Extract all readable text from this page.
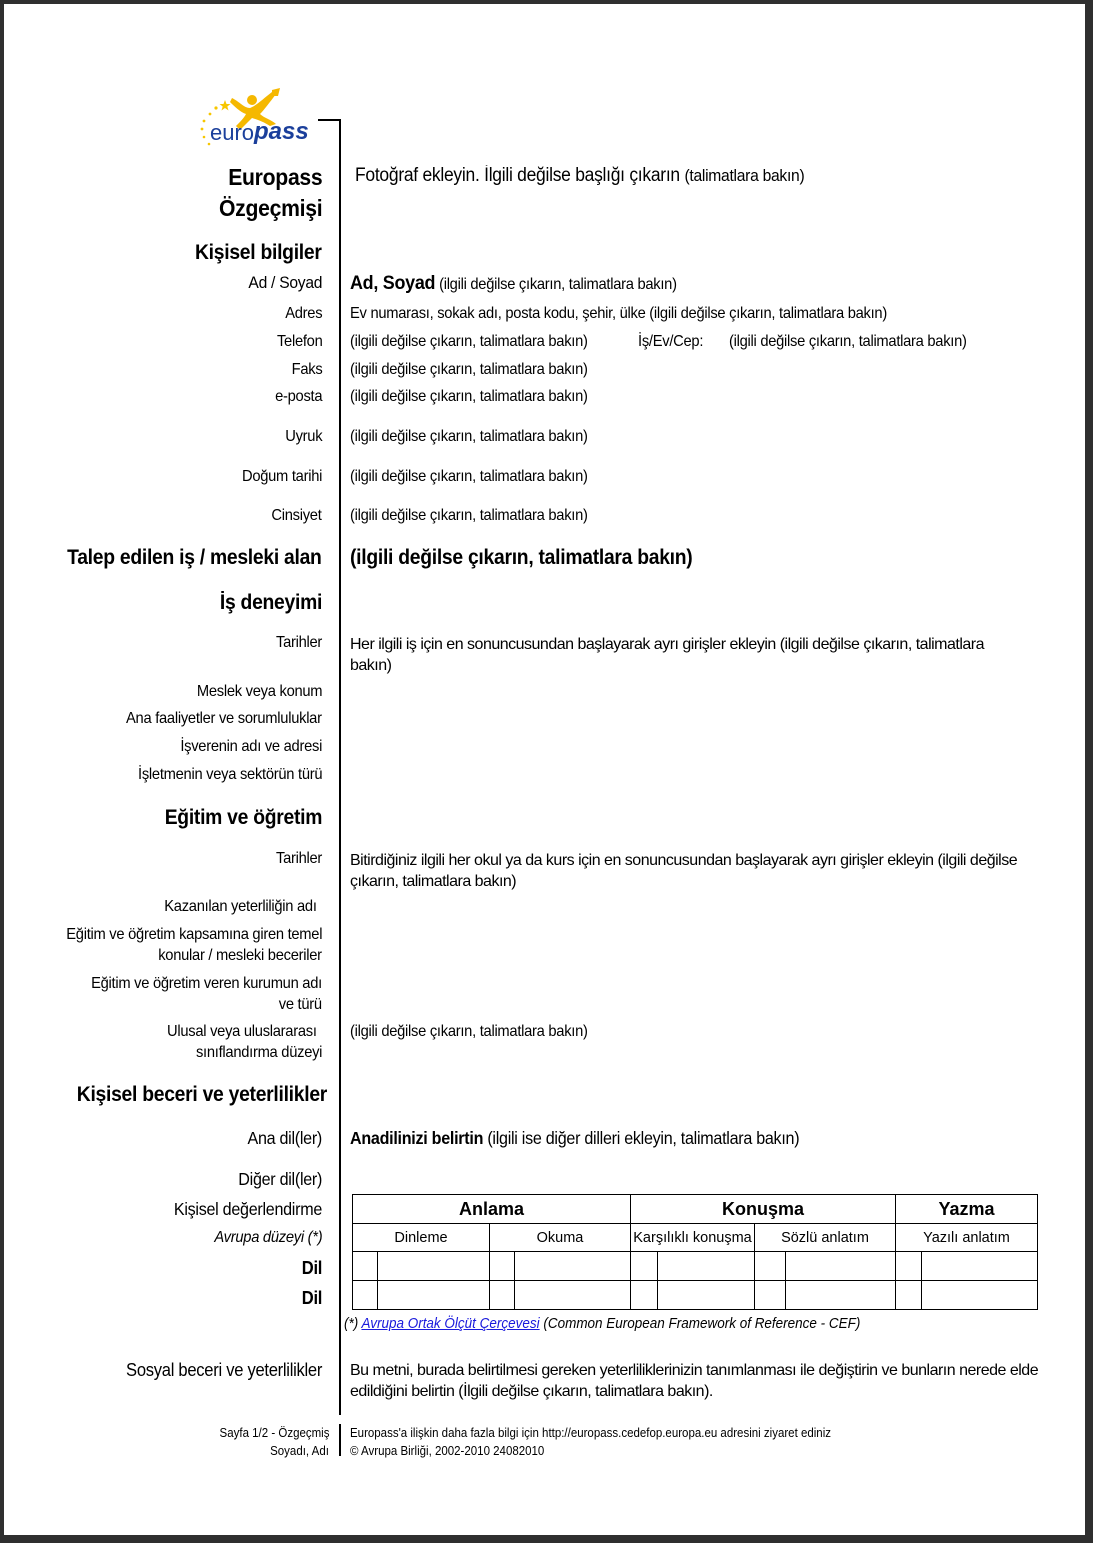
euro pass
Europass
Özgeçmişi
Fotoğraf ekleyin. İlgili değilse başlığı çıkarın (talimatlara bakın)
Kişisel bilgiler
Ad / Soyad Ad, Soyad (ilgili değilse çıkarın, talimatlara bakın)
Adres Ev numarası, sokak adı, posta kodu, şehir, ülke (ilgili değilse çıkarın, talimatlara bakın)
Telefon (ilgili değilse çıkarın, talimatlara bakın)	İş/Ev/Cep: (ilgili değilse çıkarın, talimatlara bakın)
Faks (ilgili değilse çıkarın, talimatlara bakın)
e-posta (ilgili değilse çıkarın, talimatlara bakın)
Uyruk (ilgili değilse çıkarın, talimatlara bakın)
Doğum tarihi (ilgili değilse çıkarın, talimatlara bakın)
Cinsiyet (ilgili değilse çıkarın, talimatlara bakın)
Talep edilen iş / mesleki alan (ilgili değilse çıkarın, talimatlara bakın)
İş deneyimi
Tarihler Her ilgili iş için en sonuncusundan başlayarak ayrı girişler ekleyin (ilgili değilse çıkarın, talimatlara bakın)
Meslek veya konum
Ana faaliyetler ve sorumluluklar
İşverenin adı ve adresi
İşletmenin veya sektörün türü
Eğitim ve öğretim
Tarihler Bitirdiğiniz ilgili her okul ya da kurs için en sonuncusundan başlayarak ayrı girişler ekleyin (ilgili değilse çıkarın, talimatlara bakın)
Kazanılan yeterliliğin adı
Eğitim ve öğretim kapsamına giren temel
konular / mesleki beceriler
Eğitim ve öğretim veren kurumun adı
ve türü
Ulusal veya uluslararası
sınıflandırma düzeyi
(ilgili değilse çıkarın, talimatlara bakın)
Kişisel beceri ve yeterlilikler
Ana dil(ler) Anadilinizi belirtin (ilgili ise diğer dilleri ekleyin, talimatlara bakın)
Diğer dil(ler)
Kişisel değerlendirme
Avrupa düzeyi (*)
Dil
Dil
Anlama				Konuşma				Yazma	
Dinleme		Okuma		Karşılıklı konuşma		Sözlü anlatım		Yazılı anlatım	

(*) Avrupa Ortak Ölçüt Çerçevesi (Common European Framework of Reference - CEF)
Sosyal beceri ve yeterlilikler Bu metni, burada belirtilmesi gereken yeterliliklerinizin tanımlanması ile değiştirin ve bunların nerede elde edildiğini belirtin (İlgili değilse çıkarın, talimatlara bakın).
Sayfa 1/2 - Özgeçmiş
Soyadı, Adı
Europass'a ilişkin daha fazla bilgi için http://europass.cedefop.europa.eu adresini ziyaret ediniz
© Avrupa Birliği, 2002-2010 24082010
